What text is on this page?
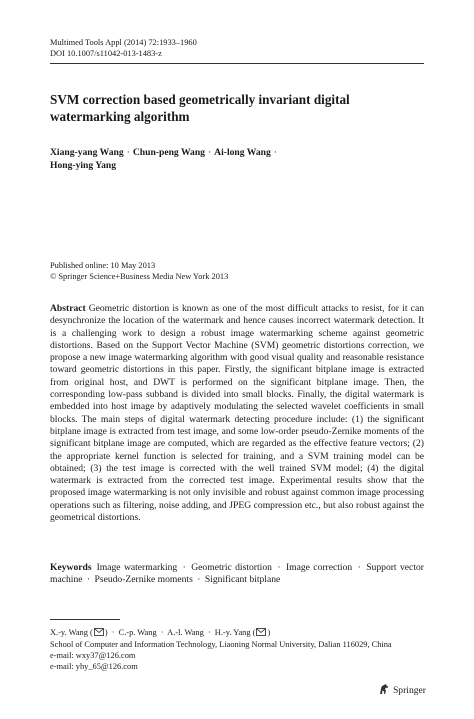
Multimed Tools Appl (2014) 72:1933–1960
DOI 10.1007/s11042-013-1483-z
SVM correction based geometrically invariant digital watermarking algorithm
Xiang-yang Wang · Chun-peng Wang · Ai-long Wang ·
Hong-ying Yang
Published online: 10 May 2013
© Springer Science+Business Media New York 2013
Abstract Geometric distortion is known as one of the most difficult attacks to resist, for it can desynchronize the location of the watermark and hence causes incorrect watermark detection. It is a challenging work to design a robust image watermarking scheme against geometric distortions. Based on the Support Vector Machine (SVM) geometric distortions correction, we propose a new image watermarking algorithm with good visual quality and reasonable resistance toward geometric distortions in this paper. Firstly, the significant bitplane image is extracted from original host, and DWT is performed on the significant bitplane image. Then, the corresponding low-pass subband is divided into small blocks. Finally, the digital watermark is embedded into host image by adaptively modulating the selected wavelet coefficients in small blocks. The main steps of digital watermark detecting procedure include: (1) the significant bitplane image is extracted from test image, and some low-order pseudo-Zernike moments of the significant bitplane image are computed, which are regarded as the effective feature vectors; (2) the appropriate kernel function is selected for training, and a SVM training model can be obtained; (3) the test image is corrected with the well trained SVM model; (4) the digital watermark is extracted from the corrected test image. Experimental results show that the proposed image watermarking is not only invisible and robust against common image processing operations such as filtering, noise adding, and JPEG compression etc., but also robust against the geometrical distortions.
Keywords Image watermarking · Geometric distortion · Image correction · Support vector machine · Pseudo-Zernike moments · Significant bitplane
X.-y. Wang ( ) · C.-p. Wang · A.-l. Wang · H.-y. Yang ( )
School of Computer and Information Technology, Liaoning Normal University, Dalian 116029, China
e-mail: wxy37@126.com
e-mail: yhy_65@126.com
Springer
